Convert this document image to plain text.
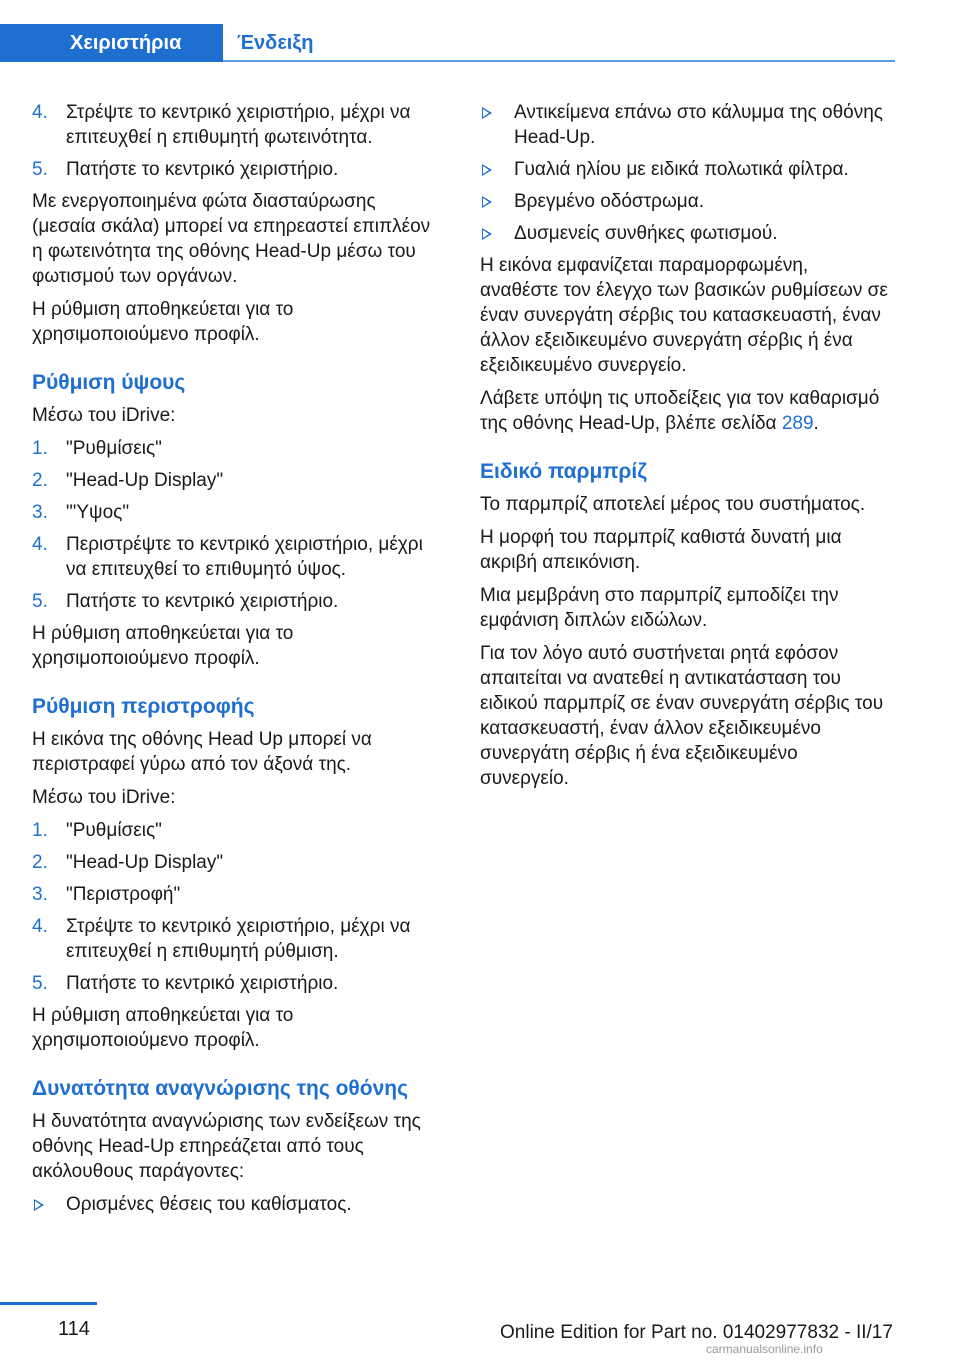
Χειριστήρια	Ένδειξη
4. Στρέψτε το κεντρικό χειριστήριο, μέχρι να επιτευχθεί η επιθυμητή φωτεινότητα.
5. Πατήστε το κεντρικό χειριστήριο.

Με ενεργοποιημένα φώτα διασταύρωσης (μεσαία σκάλα) μπορεί να επηρεαστεί επιπλέον η φωτεινότητα της οθόνης Head-Up μέσω του φωτισμού των οργάνων.

Η ρύθμιση αποθηκεύεται για το χρησιμοποιούμενο προφίλ.

Ρύθμιση ύψους

Μέσω του iDrive:

1. "Ρυθμίσεις"
2. "Head-Up Display"
3. "'Υψος"
4. Περιστρέψτε το κεντρικό χειριστήριο, μέχρι να επιτευχθεί το επιθυμητό ύψος.
5. Πατήστε το κεντρικό χειριστήριο.

Η ρύθμιση αποθηκεύεται για το χρησιμοποιούμενο προφίλ.

Ρύθμιση περιστροφής

Η εικόνα της οθόνης Head Up μπορεί να περιστραφεί γύρω από τον άξονά της.

Μέσω του iDrive:

1. "Ρυθμίσεις"
2. "Head-Up Display"
3. "Περιστροφή"
4. Στρέψτε το κεντρικό χειριστήριο, μέχρι να επιτευχθεί η επιθυμητή ρύθμιση.
5. Πατήστε το κεντρικό χειριστήριο.

Η ρύθμιση αποθηκεύεται για το χρησιμοποιούμενο προφίλ.

Δυνατότητα αναγνώρισης της οθόνης

Η δυνατότητα αναγνώρισης των ενδείξεων της οθόνης Head-Up επηρεάζεται από τους ακόλουθους παράγοντες:

Ορισμένες θέσεις του καθίσματος.
Αντικείμενα επάνω στο κάλυμμα της οθόνης Head-Up.
Γυαλιά ηλίου με ειδικά πολωτικά φίλτρα.
Βρεγμένο οδόστρωμα.
Δυσμενείς συνθήκες φωτισμού.

Η εικόνα εμφανίζεται παραμορφωμένη, αναθέστε τον έλεγχο των βασικών ρυθμίσεων σε έναν συνεργάτη σέρβις του κατασκευαστή, έναν άλλον εξειδικευμένο συνεργάτη σέρβις ή ένα εξειδικευμένο συνεργείο.

Λάβετε υπόψη τις υποδείξεις για τον καθαρισμό της οθόνης Head-Up, βλέπε σελίδα 289.

Ειδικό παρμπρίζ

Το παρμπρίζ αποτελεί μέρος του συστήματος.

Η μορφή του παρμπρίζ καθιστά δυνατή μια ακριβή απεικόνιση.

Μια μεμβράνη στο παρμπρίζ εμποδίζει την εμφάνιση διπλών ειδώλων.

Για τον λόγο αυτό συστήνεται ρητά εφόσον απαιτείται να ανατεθεί η αντικατάσταση του ειδικού παρμπρίζ σε έναν συνεργάτη σέρβις του κατασκευαστή, έναν άλλον εξειδικευμένο συνεργάτη σέρβις ή ένα εξειδικευμένο συνεργείο.

114	Online Edition for Part no. 01402977832 - II/17
carmanualsonline.info
